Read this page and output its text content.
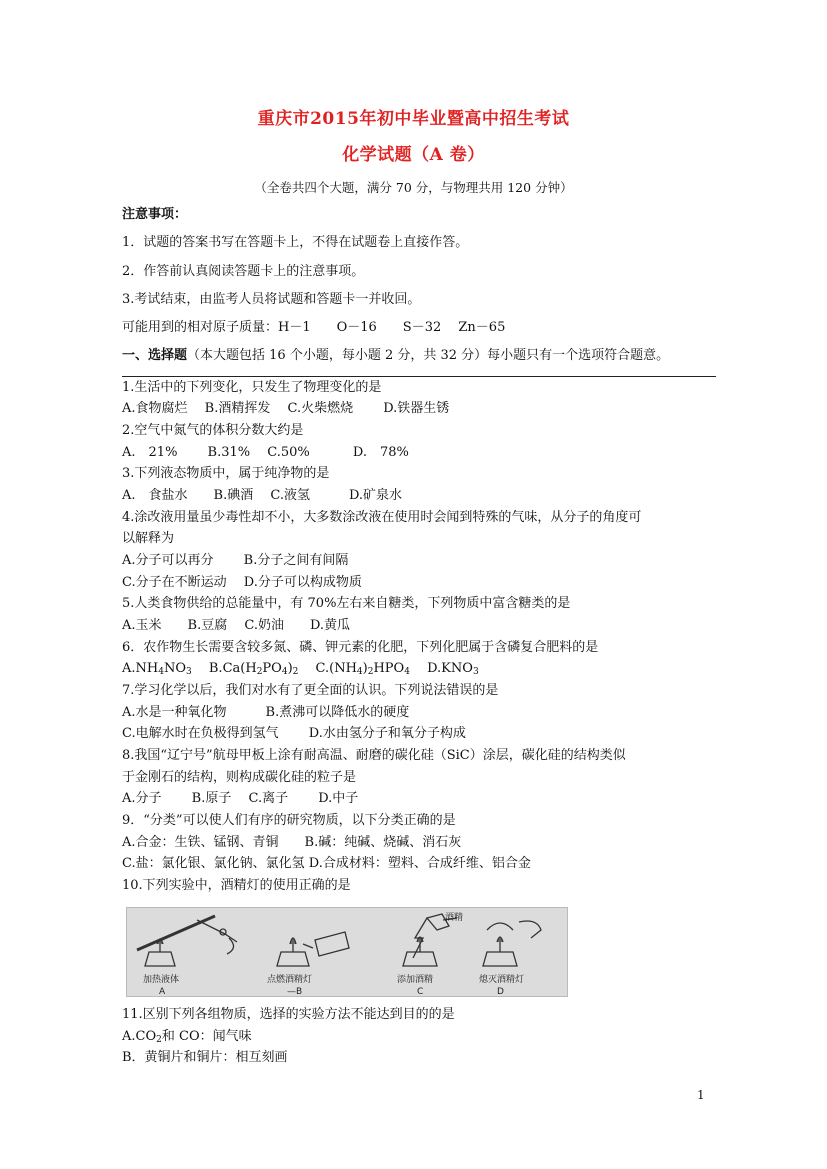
重庆市2015年初中毕业暨高中招生考试
化学试题（A 卷）
（全卷共四个大题，满分 70 分，与物理共用 120 分钟）
注意事项：
1．试题的答案书写在答题卡上，不得在试题卷上直接作答。
2．作答前认真阅读答题卡上的注意事项。
3.考试结束，由监考人员将试题和答题卡一并收回。
可能用到的相对原子质量：H－1　　O－16　　S－32　 Zn－65
一、选择题（本大题包括 16 个小题，每小题 2 分，共 32 分）每小题只有一个选项符合题意。
1.生活中的下列变化，只发生了物理变化的是
A.食物腐烂　 B.酒精挥发　 C.火柴燃烧　　 D.铁器生锈
2.空气中氮气的体积分数大约是
A.　21%　　 B.31%　 C.50%　　　 D.　78%
3.下列液态物质中，属于纯净物的是
A.　食盐水　　B.碘酒　 C.液氢　　　D.矿泉水
4.涂改液用量虽少毒性却不小，大多数涂改液在使用时会闻到特殊的气味，从分子的角度可
以解释为
A.分子可以再分　　 B.分子之间有间隔
C.分子在不断运动　 D.分子可以构成物质
5.人类食物供给的总能量中，有 70%左右来自糖类，下列物质中富含糖类的是
A.玉米　　B.豆腐　 C.奶油　　D.黄瓜
6．农作物生长需要含较多氮、磷、钾元素的化肥，下列化肥属于含磷复合肥料的是
$A.NH_4NO_3$　 $B.Ca(H_2PO_4)_2$　 $C.(NH_4)_2HPO_4$　 $D.KNO_3$
7.学习化学以后，我们对水有了更全面的认识。下列说法错误的是
A.水是一种氧化物　　　B.煮沸可以降低水的硬度
C.电解水时在负极得到氢气　　 D.水由氢分子和氧分子构成
8.我国“辽宁号”航母甲板上涂有耐高温、耐磨的碳化硅（SiC）涂层，碳化硅的结构类似
于金刚石的结构，则构成碳化硅的粒子是
A.分子　　 B.原子　 C.离子　　 D.中子
9．“分类”可以使人们有序的研究物质，以下分类正确的是
A.合金：生铁、锰钢、青铜　　B.碱：纯碱、烧碱、消石灰
C.盐：氯化银、氯化钠、氯化氢 D.合成材料：塑料、合成纤维、铝合金
10.下列实验中，酒精灯的使用正确的是
酒精
加热液体	点燃酒精灯	添加酒精	熄灭酒精灯
A	—B	C	D
11.区别下列各组物质，选择的实验方法不能达到目的的是
$A.CO_2$和 CO：闻气味
B．黄铜片和铜片：相互刻画
1
